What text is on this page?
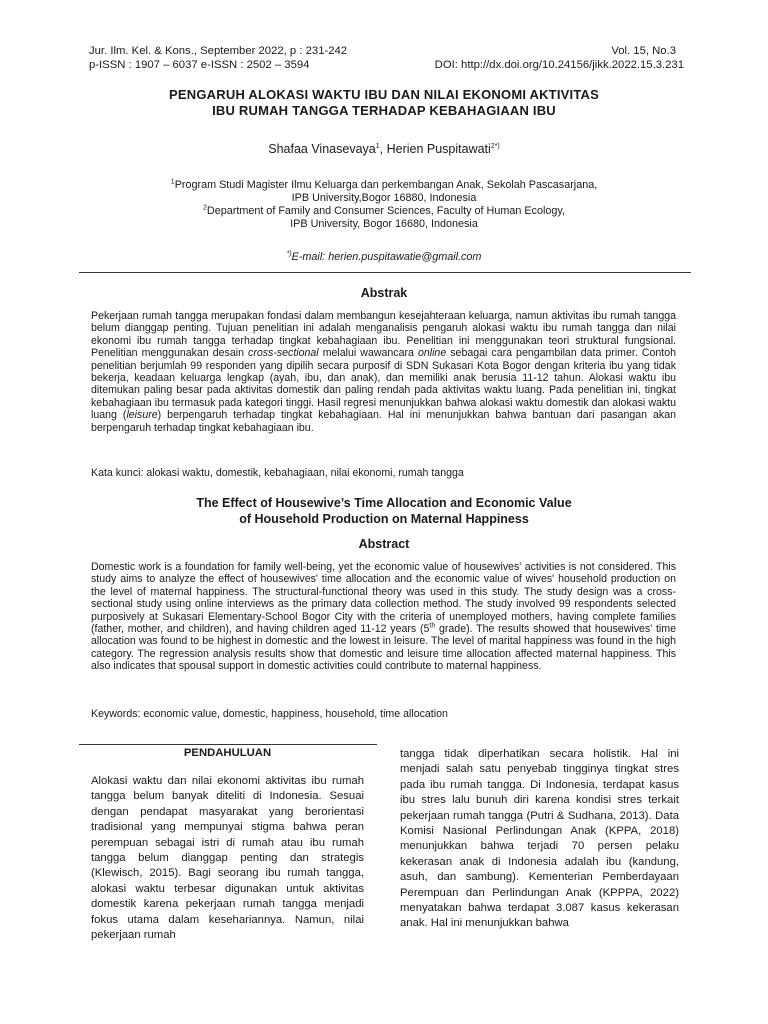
Jur. Ilm. Kel. & Kons., September 2022, p : 231-242	Vol. 15, No.3
p-ISSN : 1907 – 6037 e-ISSN : 2502 – 3594	DOI: http://dx.doi.org/10.24156/jikk.2022.15.3.231
PENGARUH ALOKASI WAKTU IBU DAN NILAI EKONOMI AKTIVITAS
IBU RUMAH TANGGA TERHADAP KEBAHAGIAAN IBU
Shafaa Vinasevaya$^1$, Herien Puspitawati$^{2*)}$
$^1$Program Studi Magister Ilmu Keluarga dan perkembangan Anak, Sekolah Pascasarjana,
IPB University,Bogor 16880, Indonesia
$^2$Department of Family and Consumer Sciences, Faculty of Human Ecology,
IPB University, Bogor 16680, Indonesia
*)E-mail: herien.puspitawatie@gmail.com
Abstrak

Pekerjaan rumah tangga merupakan fondasi dalam membangun kesejahteraan keluarga, namun aktivitas ibu rumah tangga belum dianggap penting. Tujuan penelitian ini adalah menganalisis pengaruh alokasi waktu ibu rumah tangga dan nilai ekonomi ibu rumah tangga terhadap tingkat kebahagiaan ibu. Penelitian ini menggunakan teori struktural fungsional. Penelitian menggunakan desain cross-sectional melalui wawancara online sebagai cara pengambilan data primer. Contoh penelitian berjumlah 99 responden yang dipilih secara purposif di SDN Sukasari Kota Bogor dengan kriteria ibu yang tidak bekerja, keadaan keluarga lengkap (ayah, ibu, dan anak), dan memiliki anak berusia 11-12 tahun. Alokasi waktu ibu ditemukan paling besar pada aktivitas domestik dan paling rendah pada aktivitas waktu luang. Pada penelitian ini, tingkat kebahagiaan ibu termasuk pada kategori tinggi. Hasil regresi menunjukkan bahwa alokasi waktu domestik dan alokasi waktu luang (leisure) berpengaruh terhadap tingkat kebahagiaan. Hal ini menunjukkan bahwa bantuan dari pasangan akan berpengaruh terhadap tingkat kebahagiaan ibu.

Kata kunci: alokasi waktu, domestik, kebahagiaan, nilai ekonomi, rumah tangga
The Effect of Housewive’s Time Allocation and Economic Value
of Household Production on Maternal Happiness
Abstract

Domestic work is a foundation for family well-being, yet the economic value of housewives' activities is not considered. This study aims to analyze the effect of housewives' time allocation and the economic value of wives' household production on the level of maternal happiness. The structural-functional theory was used in this study. The study design was a cross-sectional study using online interviews as the primary data collection method. The study involved 99 respondents selected purposively at Sukasari Elementary-School Bogor City with the criteria of unemployed mothers, having complete families (father, mother, and children), and having children aged 11-12 years (5th grade). The results showed that housewives' time allocation was found to be highest in domestic and the lowest in leisure. The level of marital happiness was found in the high category. The regression analysis results show that domestic and leisure time allocation affected maternal happiness. This also indicates that spousal support in domestic activities could contribute to maternal happiness.

Keywords: economic value, domestic, happiness, household, time allocation
PENDAHULUAN

Alokasi waktu dan nilai ekonomi aktivitas ibu rumah tangga belum banyak diteliti di Indonesia. Sesuai dengan pendapat masyarakat yang berorientasi tradisional yang mempunyai stigma bahwa peran perempuan sebagai istri di rumah atau ibu rumah tangga belum dianggap penting dan strategis (Klewisch, 2015). Bagi seorang ibu rumah tangga, alokasi waktu terbesar digunakan untuk aktivitas domestik karena pekerjaan rumah tangga menjadi fokus utama dalam kesehariannya. Namun, nilai pekerjaan rumah

tangga tidak diperhatikan secara holistik. Hal ini menjadi salah satu penyebab tingginya tingkat stres pada ibu rumah tangga. Di Indonesia, terdapat kasus ibu stres lalu bunuh diri karena kondisi stres terkait pekerjaan rumah tangga (Putri & Sudhana, 2013). Data Komisi Nasional Perlindungan Anak (KPPA, 2018) menunjukkan bahwa terjadi 70 persen pelaku kekerasan anak di Indonesia adalah ibu (kandung, asuh, dan sambung). Kementerian Pemberdayaan Perempuan dan Perlindungan Anak (KPPPA, 2022) menyatakan bahwa terdapat 3.087 kasus kekerasan anak. Hal ini menunjukkan bahwa
